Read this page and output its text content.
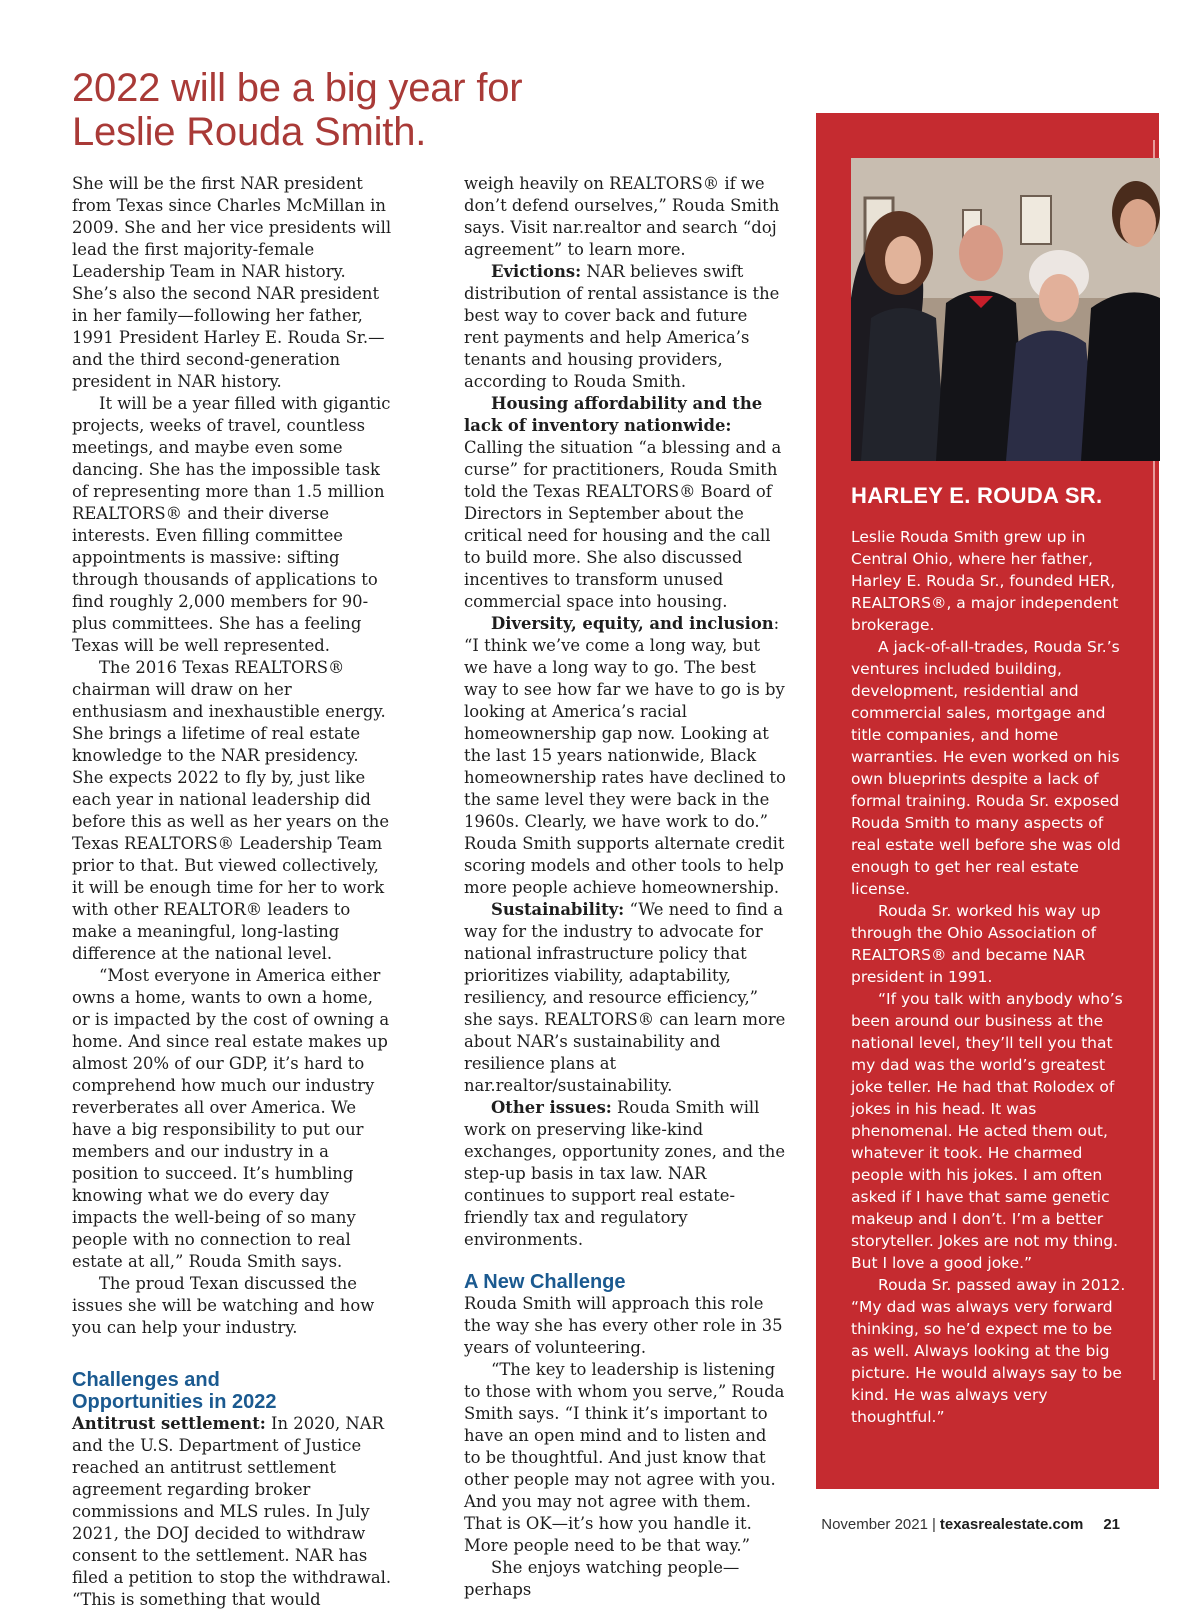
2022 will be a big year for
Leslie Rouda Smith.

She will be the first NAR president from Texas since Charles McMillan in 2009. She and her vice presidents will lead the first majority-female Leadership Team in NAR history. She’s also the second NAR president in her family—following her father, 1991 President Harley E. Rouda Sr.—and the third second-generation president in NAR history.

It will be a year filled with gigantic projects, weeks of travel, countless meetings, and maybe even some dancing. She has the impossible task of representing more than 1.5 million REALTORS® and their diverse interests. Even filling committee appointments is massive: sifting through thousands of applications to find roughly 2,000 members for 90-plus committees. She has a feeling Texas will be well represented.

The 2016 Texas REALTORS® chairman will draw on her enthusiasm and inexhaustible energy. She brings a lifetime of real estate knowledge to the NAR presidency. She expects 2022 to fly by, just like each year in national leadership did before this as well as her years on the Texas REALTORS® Leadership Team prior to that. But viewed collectively, it will be enough time for her to work with other REALTOR® leaders to make a meaningful, long-lasting difference at the national level.

“Most everyone in America either owns a home, wants to own a home, or is impacted by the cost of owning a home. And since real estate makes up almost 20% of our GDP, it’s hard to comprehend how much our industry reverberates all over America. We have a big responsibility to put our members and our industry in a position to succeed. It’s humbling knowing what we do every day impacts the well-being of so many people with no connection to real estate at all,” Rouda Smith says.

The proud Texan discussed the issues she will be watching and how you can help your industry.

Challenges and
Opportunities in 2022

Antitrust settlement: In 2020, NAR and the U.S. Department of Justice reached an antitrust settlement agreement regarding broker commissions and MLS rules. In July 2021, the DOJ decided to withdraw consent to the settlement. NAR has filed a petition to stop the withdrawal. “This is something that would

weigh heavily on REALTORS® if we don’t defend ourselves,” Rouda Smith says. Visit nar.realtor and search “doj agreement” to learn more.

Evictions: NAR believes swift distribution of rental assistance is the best way to cover back and future rent payments and help America’s tenants and housing providers, according to Rouda Smith.

Housing affordability and the lack of inventory nationwide: Calling the situation “a blessing and a curse” for practitioners, Rouda Smith told the Texas REALTORS® Board of Directors in September about the critical need for housing and the call to build more. She also discussed incentives to transform unused commercial space into housing.

Diversity, equity, and inclusion: “I think we’ve come a long way, but we have a long way to go. The best way to see how far we have to go is by looking at America’s racial homeownership gap now. Looking at the last 15 years nationwide, Black homeownership rates have declined to the same level they were back in the 1960s. Clearly, we have work to do.” Rouda Smith supports alternate credit scoring models and other tools to help more people achieve homeownership.

Sustainability: “We need to find a way for the industry to advocate for national infrastructure policy that prioritizes viability, adaptability, resiliency, and resource efficiency,” she says. REALTORS® can learn more about NAR’s sustainability and resilience plans at nar.realtor/sustainability.

Other issues: Rouda Smith will work on preserving like-kind exchanges, opportunity zones, and the step-up basis in tax law. NAR continues to support real estate-friendly tax and regulatory environments.

A New Challenge

Rouda Smith will approach this role the way she has every other role in 35 years of volunteering.

“The key to leadership is listening to those with whom you serve,” Rouda Smith says. “I think it’s important to have an open mind and to listen and to be thoughtful. And just know that other people may not agree with you. And you may not agree with them. That is OK—it’s how you handle it. More people need to be that way.”

She enjoys watching people—perhaps

HARLEY E. ROUDA SR.

Leslie Rouda Smith grew up in Central Ohio, where her father, Harley E. Rouda Sr., founded HER, REALTORS®, a major independent brokerage.

A jack-of-all-trades, Rouda Sr.’s ventures included building, development, residential and commercial sales, mortgage and title companies, and home warranties. He even worked on his own blueprints despite a lack of formal training. Rouda Sr. exposed Rouda Smith to many aspects of real estate well before she was old enough to get her real estate license.

Rouda Sr. worked his way up through the Ohio Association of REALTORS® and became NAR president in 1991.

“If you talk with anybody who’s been around our business at the national level, they’ll tell you that my dad was the world’s greatest joke teller. He had that Rolodex of jokes in his head. It was phenomenal. He acted them out, whatever it took. He charmed people with his jokes. I am often asked if I have that same genetic makeup and I don’t. I’m a better storyteller. Jokes are not my thing. But I love a good joke.”

Rouda Sr. passed away in 2012. “My dad was always very forward thinking, so he’d expect me to be as well. Always looking at the big picture. He would always say to be kind. He was always very thoughtful.”

November 2021 | texasrealestate.com 21
